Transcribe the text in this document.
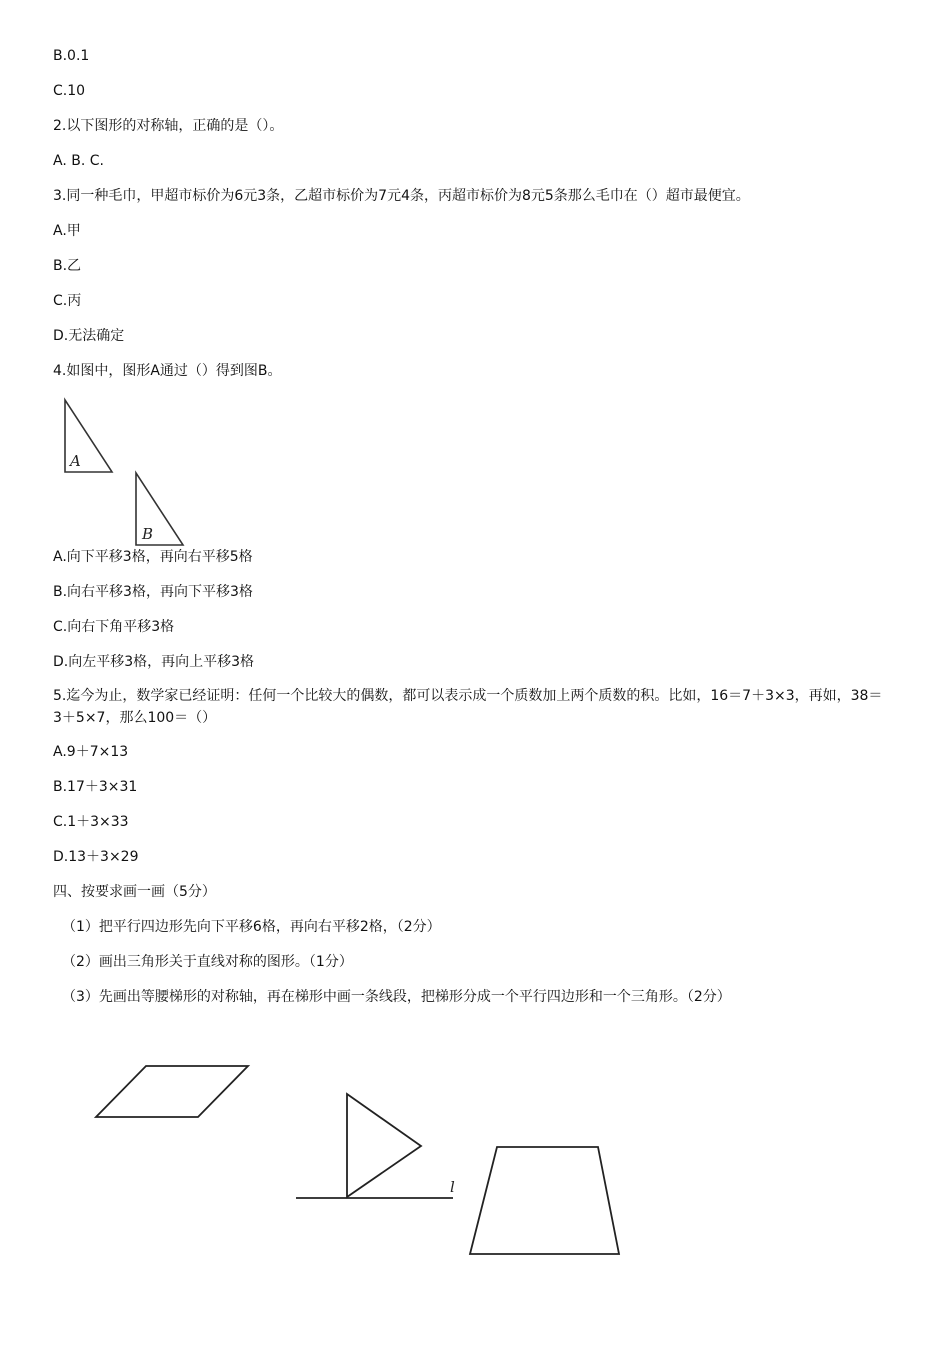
B.0.1
C.10
2.以下图形的对称轴，正确的是（）。
A. B. C.
3.同一种毛巾，甲超市标价为6元3条，乙超市标价为7元4条，丙超市标价为8元5条那么毛巾在（）超市最便宜。
A.甲
B.乙
C.丙
D.无法确定
4.如图中，图形A通过（）得到图B。
A
B
l
A.向下平移3格，再向右平移5格
B.向右平移3格，再向下平移3格
C.向右下角平移3格
D.向左平移3格，再向上平移3格
5.迄今为止，数学家已经证明：任何一个比较大的偶数，都可以表示成一个质数加上两个质数的积。比如，16＝7＋3×3，再如，38＝3＋5×7，那么100＝（）
A.9＋7×13
B.17＋3×31
C.1＋3×33
D.13＋3×29
四、按要求画一画（5分）
（1）把平行四边形先向下平移6格，再向右平移2格，（2分）
（2）画出三角形关于直线对称的图形。（1分）
（3）先画出等腰梯形的对称轴，再在梯形中画一条线段，把梯形分成一个平行四边形和一个三角形。（2分）
